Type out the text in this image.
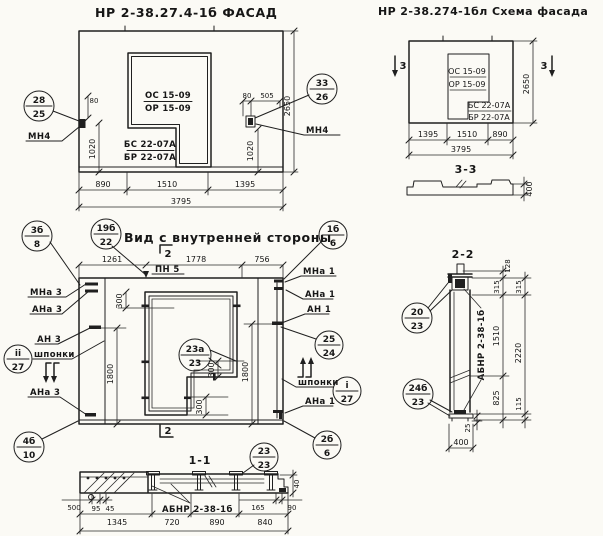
НР 2-38.27.4-1б ФАСАД
ОС 15-09
ОР 15-09
БС 22-07А
БР 22-07А
80
80 505
1020	1020
2650
890	1510	1395
3795
28
25
МН4
33
26
МН4
НР 2-38.274-1бл Схема фасада
ОС 15-09
ОР 15-09
БС 22-07А
БР 22-07А
3	3
2650
1395 1510 890
3795
3-3
400
3б
8
19б
22 Вид с внутренней стороны
1261	1778	756
300
300
300
1800	1800
ПН 5
2
2
МНа 3
АНа 3
АН 3
ii
27
шпонки
АНа 3
4б
10
23а
23
1б
6
МНа 1
АНа 1
АН 1
25
24
шпонки i
27
АНа 1
2б
6
1-1
23
23
АБНР 2-38-1б
500 95 45
1345	720	890	840
165	90
40
2-2
20
23
24б
23
АБНР 2-38-1б
128
315 315
1510
2220
825 115
25
400
